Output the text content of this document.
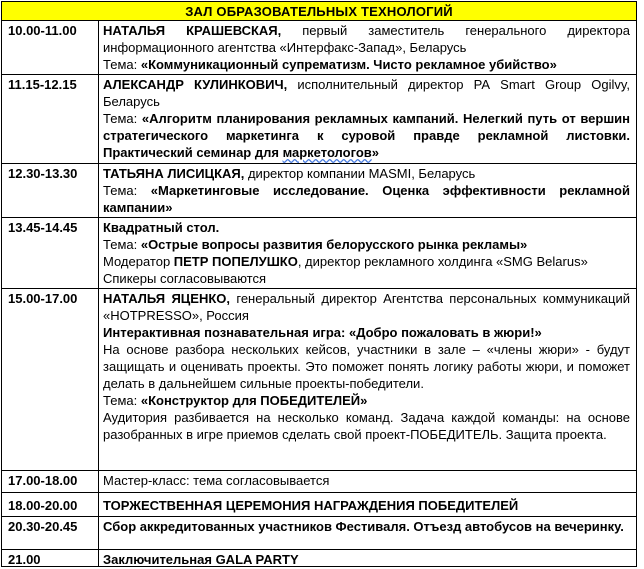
ЗАЛ ОБРАЗОВАТЕЛЬНЫХ ТЕХНОЛОГИЙ
10.00-11.00 НАТАЛЬЯ КРАШЕВСКАЯ, первый заместитель генерального директора информационного агентства «Интерфакс-Запад», Беларусь
Тема: «Коммуникационный супрематизм. Чисто рекламное убийство»
11.15-12.15 АЛЕКСАНДР КУЛИНКОВИЧ, исполнительный директор РА Smart Group Ogilvy, Беларусь
Тема: «Алгоритм планирования рекламных кампаний. Нелегкий путь от вершин стратегического маркетинга к суровой правде рекламной листовки. Практический семинар для маркетологов»
12.30-13.30 ТАТЬЯНА ЛИСИЦКАЯ, директор компании MASMI, Беларусь
Тема: «Маркетинговые исследование. Оценка эффективности рекламной кампании»
13.45-14.45 Квадратный стол.
Тема: «Острые вопросы развития белорусского рынка рекламы»
Модератор ПЕТР ПОПЕЛУШКО, директор рекламного холдинга «SMG Belarus»
Спикеры согласовываются
15.00-17.00 НАТАЛЬЯ ЯЦЕНКО, генеральный директор Агентства персональных коммуникаций «HOTPRESSO», Россия
Интерактивная познавательная игра: «Добро пожаловать в жюри!»
На основе разбора нескольких кейсов, участники в зале – «члены жюри» - будут защищать и оценивать проекты. Это поможет понять логику работы жюри, и поможет делать в дальнейшем сильные проекты-победители.
Тема: «Конструктор для ПОБЕДИТЕЛЕЙ»
Аудитория разбивается на несколько команд. Задача каждой команды: на основе разобранных в игре приемов сделать свой проект-ПОБЕДИТЕЛЬ. Защита проекта.
17.00-18.00 Мастер-класс: тема согласовывается
18.00-20.00 ТОРЖЕСТВЕННАЯ ЦЕРЕМОНИЯ НАГРАЖДЕНИЯ ПОБЕДИТЕЛЕЙ
20.30-20.45 Сбор аккредитованных участников Фестиваля. Отъезд автобусов на вечеринку.
21.00	Заключительная GALA PARTY
